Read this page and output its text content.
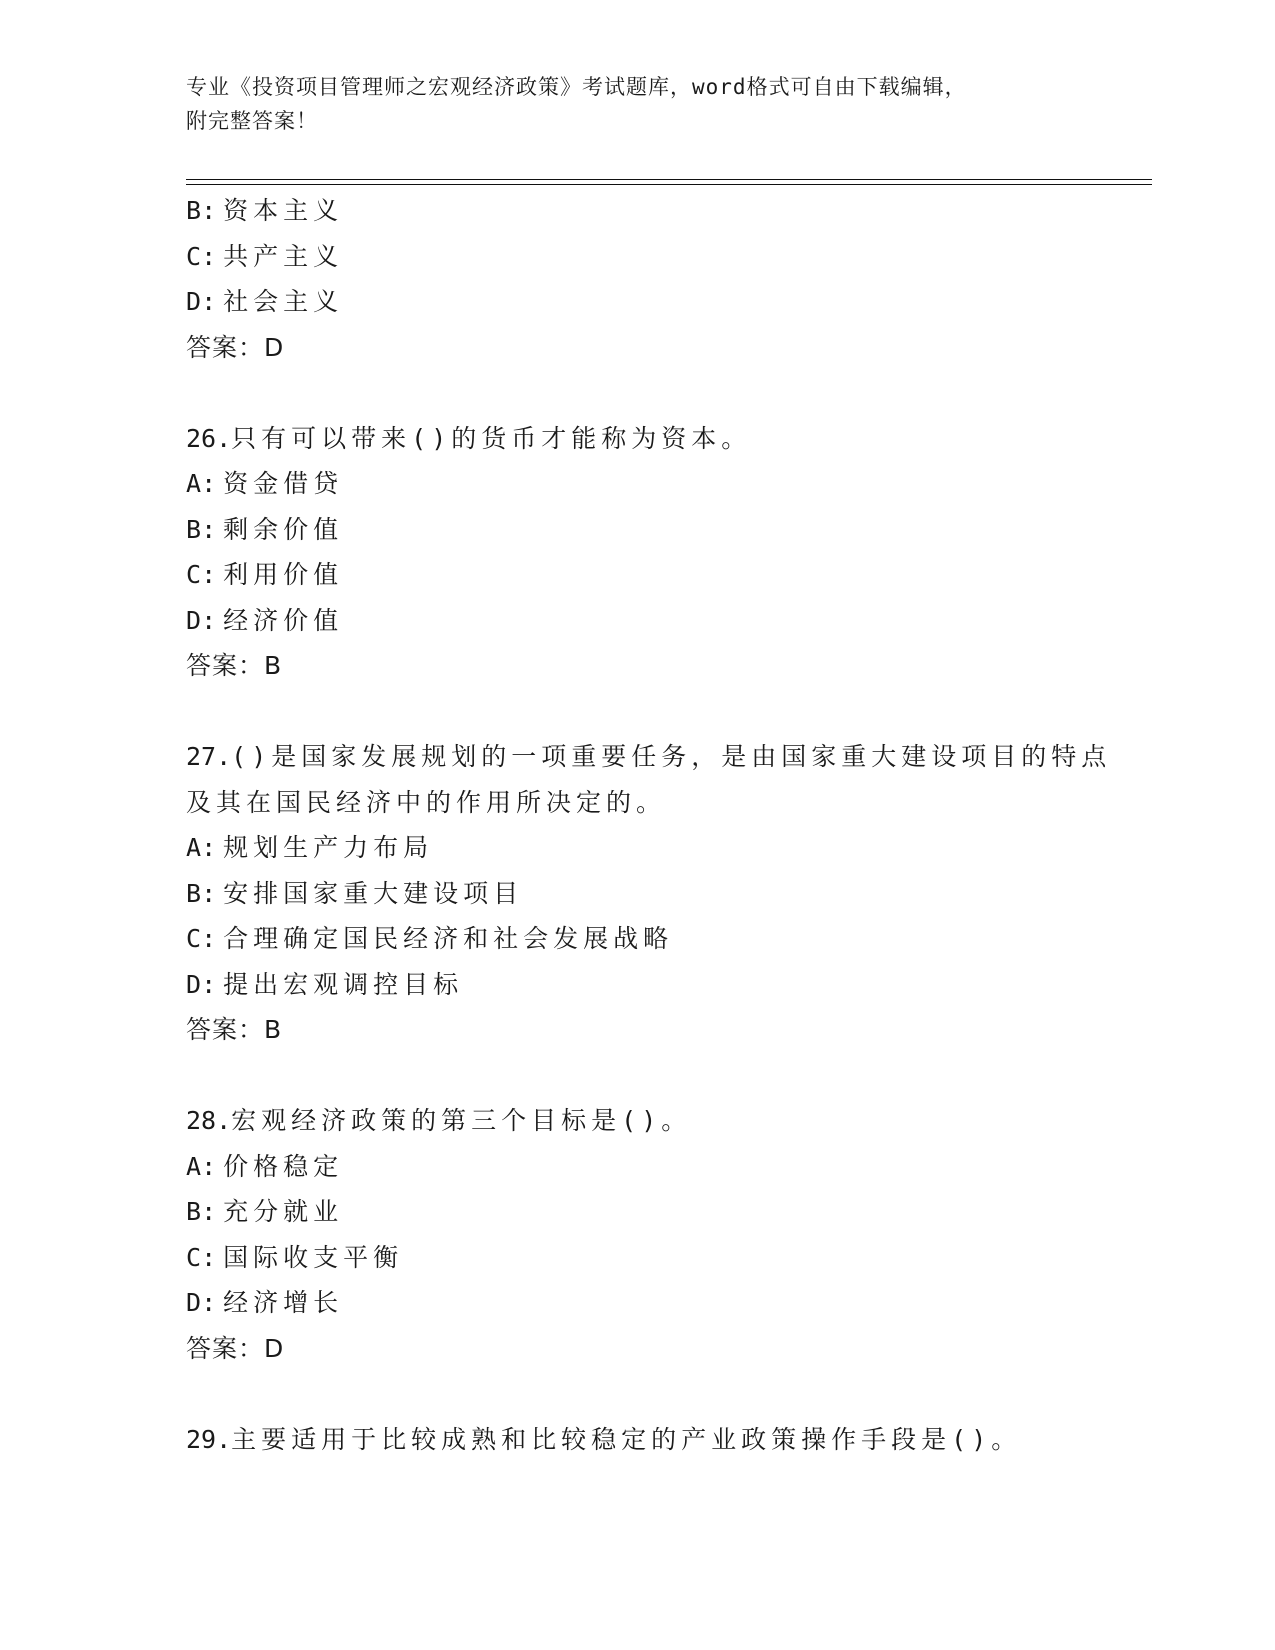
专业《投资项目管理师之宏观经济政策》考试题库，word格式可自由下载编辑，
附完整答案！
B : 资本主义
C : 共产主义
D : 社会主义
答案： D
26. 只有可以带来()的货币才能称为资本。
A : 资金借贷
B : 剩余价值
C : 利用价值
D : 经济价值
答案： B
27. ()是国家发展规划的一项重要任务，是由国家重大建设项目的特点
及其在国民经济中的作用所决定的。
A : 规划生产力布局
B : 安排国家重大建设项目
C : 合理确定国民经济和社会发展战略
D : 提出宏观调控目标
答案： B
28. 宏观经济政策的第三个目标是()。
A : 价格稳定
B : 充分就业
C : 国际收支平衡
D : 经济增长
答案： D
29. 主要适用于比较成熟和比较稳定的产业政策操作手段是()。
